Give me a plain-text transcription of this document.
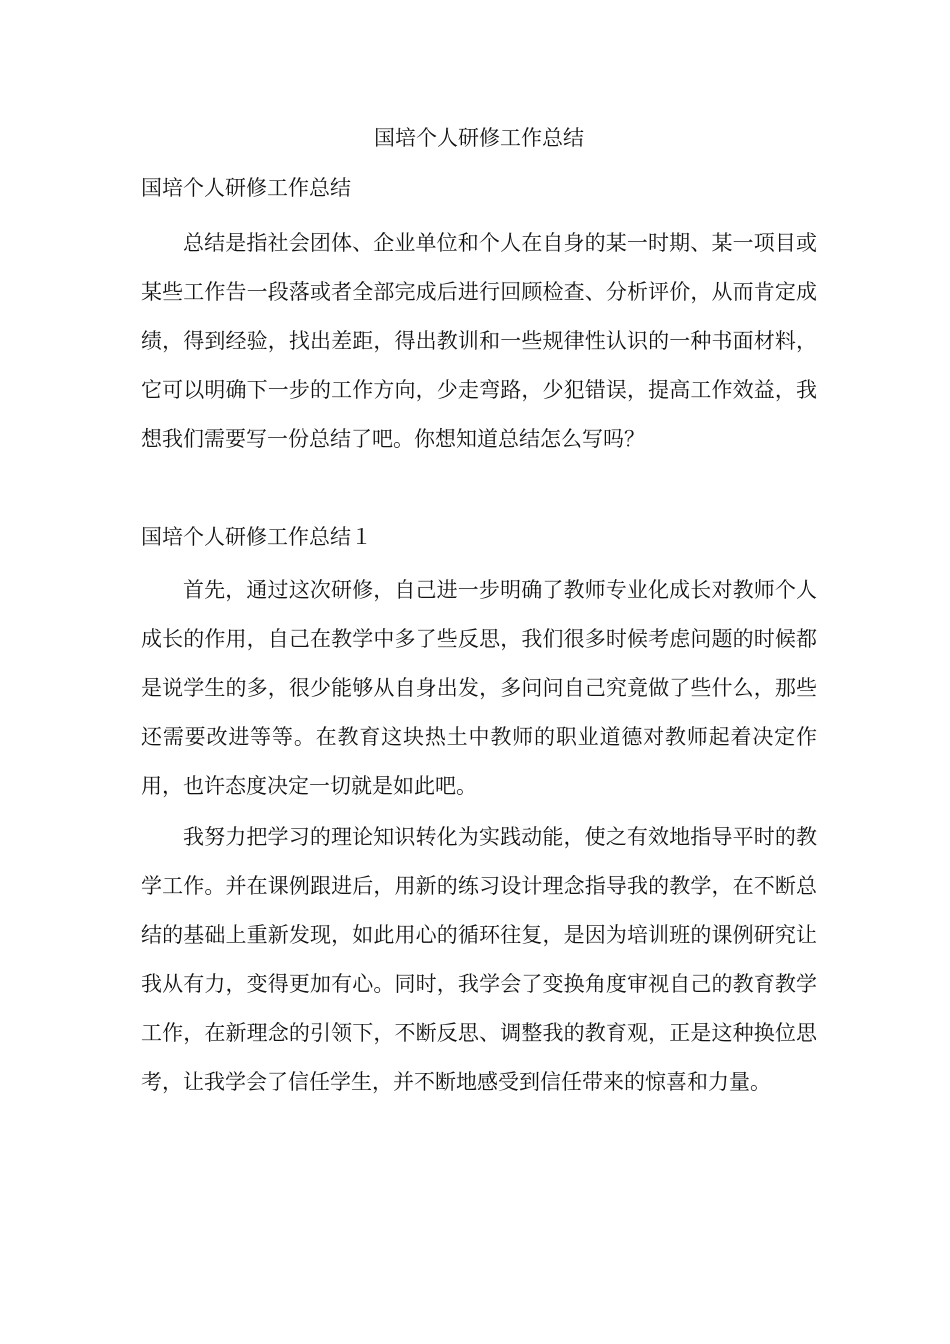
国培个人研修工作总结
国培个人研修工作总结

总结是指社会团体、企业单位和个人在自身的某一时期、某一项目或某些工作告一段落或者全部完成后进行回顾检查、分析评价，从而肯定成绩，得到经验，找出差距，得出教训和一些规律性认识的一种书面材料，它可以明确下一步的工作方向，少走弯路，少犯错误，提高工作效益，我想我们需要写一份总结了吧。你想知道总结怎么写吗？

国培个人研修工作总结１

首先，通过这次研修，自己进一步明确了教师专业化成长对教师个人成长的作用，自己在教学中多了些反思，我们很多时候考虑问题的时候都是说学生的多，很少能够从自身出发，多问问自己究竟做了些什么，那些还需要改进等等。在教育这块热土中教师的职业道德对教师起着决定作用，也许态度决定一切就是如此吧。

我努力把学习的理论知识转化为实践动能，使之有效地指导平时的教学工作。并在课例跟进后，用新的练习设计理念指导我的教学，在不断总结的基础上重新发现，如此用心的循环往复，是因为培训班的课例研究让我从有力，变得更加有心。同时，我学会了变换角度审视自己的教育教学工作，在新理念的引领下，不断反思、调整我的教育观，正是这种换位思考，让我学会了信任学生，并不断地感受到信任带来的惊喜和力量。
